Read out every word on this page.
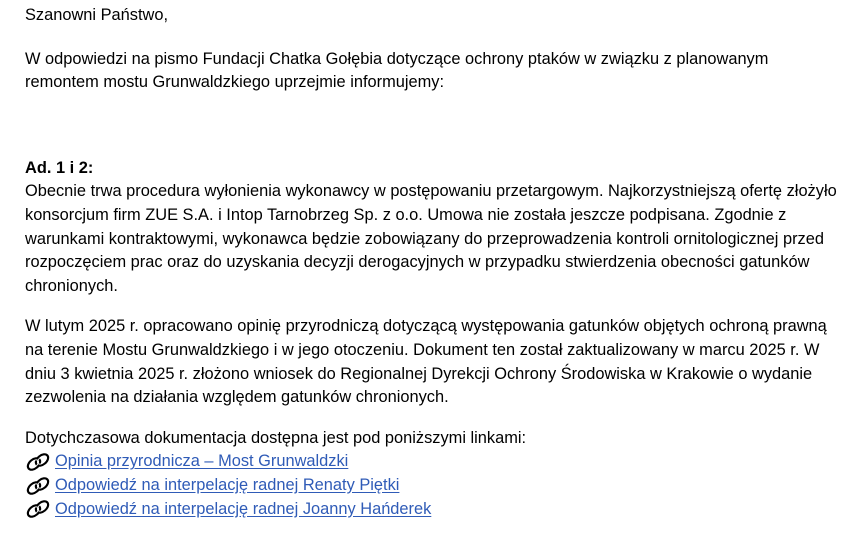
Szanowni Państwo,

W odpowiedzi na pismo Fundacji Chatka Gołębia dotyczące ochrony ptaków w związku z planowanym remontem mostu Grunwaldzkiego uprzejmie informujemy:

Ad. 1 i 2:

Obecnie trwa procedura wyłonienia wykonawcy w postępowaniu przetargowym. Najkorzystniejszą ofertę złożyło konsorcjum firm ZUE S.A. i Intop Tarnobrzeg Sp. z o.o. Umowa nie została jeszcze podpisana. Zgodnie z warunkami kontraktowymi, wykonawca będzie zobowiązany do przeprowadzenia kontroli ornitologicznej przed rozpoczęciem prac oraz do uzyskania decyzji derogacyjnych w przypadku stwierdzenia obecności gatunków chronionych.

W lutym 2025 r. opracowano opinię przyrodniczą dotyczącą występowania gatunków objętych ochroną prawną na terenie Mostu Grunwaldzkiego i w jego otoczeniu. Dokument ten został zaktualizowany w marcu 2025 r. W dniu 3 kwietnia 2025 r. złożono wniosek do Regionalnej Dyrekcji Ochrony Środowiska w Krakowie o wydanie zezwolenia na działania względem gatunków chronionych.

Dotychczasowa dokumentacja dostępna jest pod poniższymi linkami:

Opinia przyrodnicza – Most Grunwaldzki
Odpowiedź na interpelację radnej Renaty Piętki
Odpowiedź na interpelację radnej Joanny Hańderek
